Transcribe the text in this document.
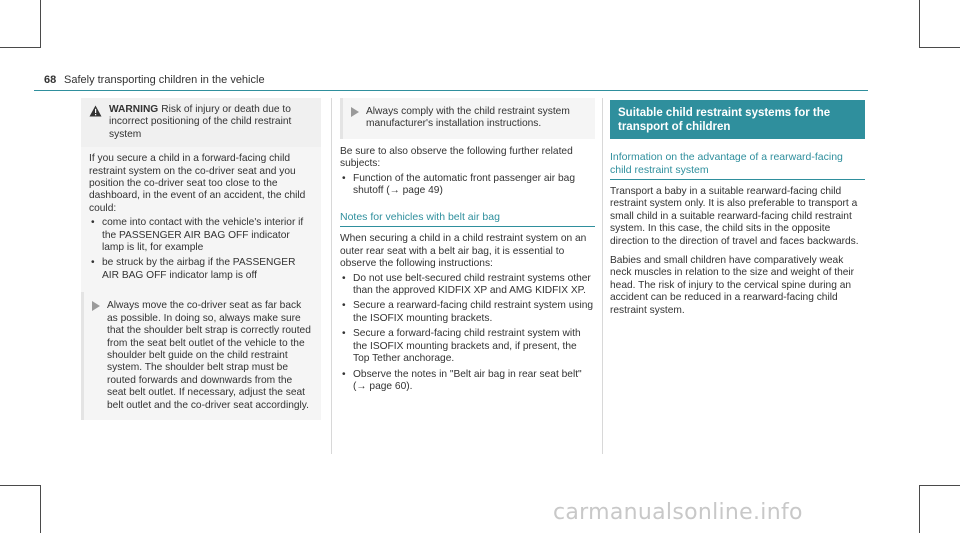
68 Safely transporting children in the vehicle

WARNING Risk of injury or death due to incorrect positioning of the child restraint system

If you secure a child in a forward-facing child restraint system on the co-driver seat and you position the co-driver seat too close to the dashboard, in the event of an accident, the child could:

• come into contact with the vehicle's interior if the PASSENGER AIR BAG OFF indicator lamp is lit, for example
• be struck by the airbag if the PASSENGER AIR BAG OFF indicator lamp is off

Always move the co-driver seat as far back as possible. In doing so, always make sure that the shoulder belt strap is correctly routed from the seat belt outlet of the vehicle to the shoulder belt guide on the child restraint system. The shoulder belt strap must be routed forwards and downwards from the seat belt outlet. If necessary, adjust the seat belt outlet and the co-driver seat accordingly.

Always comply with the child restraint system manufacturer's installation instructions.

Be sure to also observe the following further related subjects:

• Function of the automatic front passenger air bag shutoff (→ page 49)
Notes for vehicles with belt air bag

When securing a child in a child restraint system on an outer rear seat with a belt air bag, it is essential to observe the following instructions:

• Do not use belt-secured child restraint systems other than the approved KIDFIX XP and AMG KIDFIX XP.
• Secure a rearward-facing child restraint system using the ISOFIX mounting brackets.
• Secure a forward-facing child restraint system with the ISOFIX mounting brackets and, if present, the Top Tether anchorage.
• Observe the notes in "Belt air bag in rear seat belt" (→ page 60).
Suitable child restraint systems for the transport of children
Information on the advantage of a rearward-facing child restraint system

Transport a baby in a suitable rearward-facing child restraint system only. It is also preferable to transport a small child in a suitable rearward-facing child restraint system. In this case, the child sits in the opposite direction to the direction of travel and faces backwards.

Babies and small children have comparatively weak neck muscles in relation to the size and weight of their head. The risk of injury to the cervical spine during an accident can be reduced in a rearward-facing child restraint system.

carmanualsonline.info
